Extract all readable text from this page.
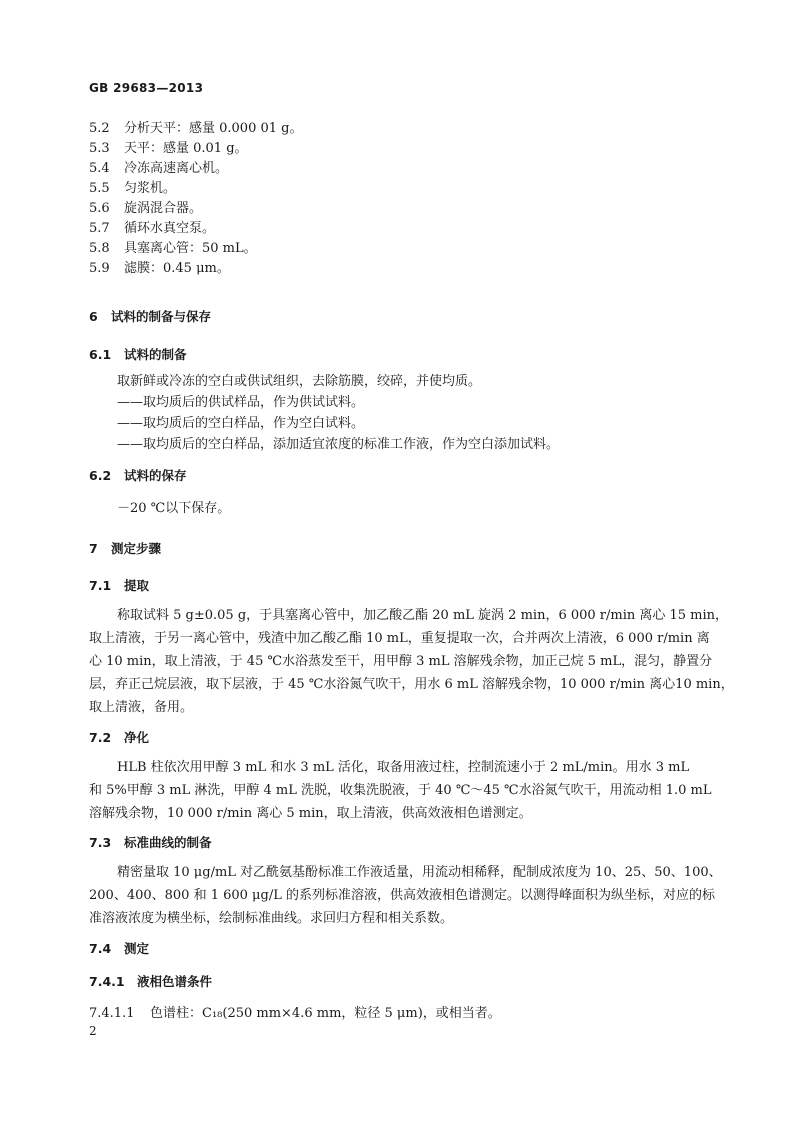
GB 29683—2013
5.2	分析天平：感量 0.000 01 g。
5.3	天平：感量 0.01 g。
5.4	冷冻高速离心机。
5.5	匀浆机。
5.6	旋涡混合器。
5.7	循环水真空泵。
5.8	具塞离心管：50 mL。
5.9	滤膜：0.45 μm。
6	试料的制备与保存
6.1	试料的制备
取新鲜或冷冻的空白或供试组织，去除筋膜，绞碎，并使均质。
——取均质后的供试样品，作为供试试料。
——取均质后的空白样品，作为空白试料。
——取均质后的空白样品，添加适宜浓度的标准工作液，作为空白添加试料。
6.2	试料的保存
－20 ℃以下保存。
7	测定步骤
7.1	提取
称取试料 5 g±0.05 g，于具塞离心管中，加乙酸乙酯 20 mL 旋涡 2 min，6 000 r/min 离心 15 min，
取上清液，于另一离心管中，残渣中加乙酸乙酯 10 mL，重复提取一次，合并两次上清液，6 000 r/min 离
心 10 min，取上清液，于 45 ℃水浴蒸发至干，用甲醇 3 mL 溶解残余物，加正己烷 5 mL，混匀，静置分
层，弃正己烷层液，取下层液，于 45 ℃水浴氮气吹干，用水 6 mL 溶解残余物，10 000 r/min 离心10 min，
取上清液，备用。
7.2	净化
HLB 柱依次用甲醇 3 mL 和水 3 mL 活化，取备用液过柱，控制流速小于 2 mL/min。用水 3 mL
和 5%甲醇 3 mL 淋洗，甲醇 4 mL 洗脱，收集洗脱液，于 40 ℃～45 ℃水浴氮气吹干，用流动相 1.0 mL
溶解残余物，10 000 r/min 离心 5 min，取上清液，供高效液相色谱测定。
7.3	标准曲线的制备
精密量取 10 μg/mL 对乙酰氨基酚标准工作液适量，用流动相稀释，配制成浓度为 10、25、50、100、
200、400、800 和 1 600 μg/L 的系列标准溶液，供高效液相色谱测定。以测得峰面积为纵坐标，对应的标
准溶液浓度为横坐标，绘制标准曲线。求回归方程和相关系数。
7.4	测定
7.4.1 液相色谱条件
7.4.1.1	色谱柱：C₁₈(250 mm×4.6 mm，粒径 5 μm)，或相当者。
2
